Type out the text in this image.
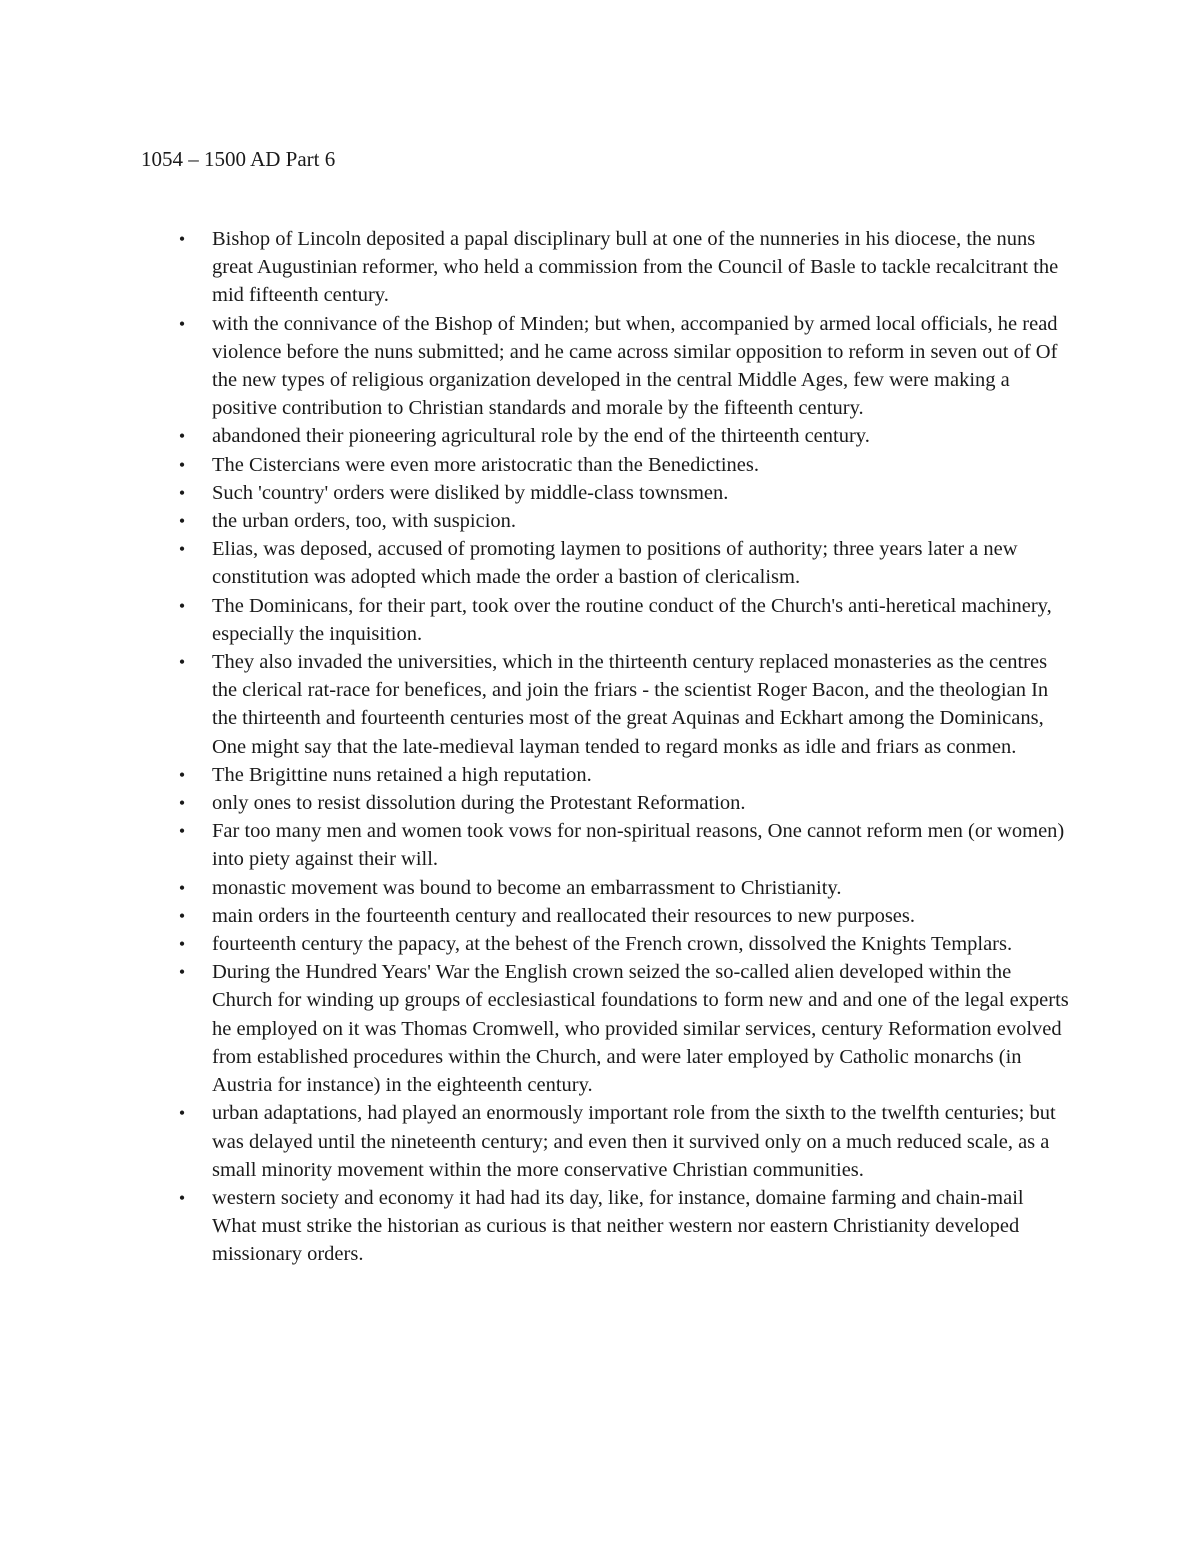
1054 – 1500 AD Part 6
•	Bishop of Lincoln deposited a papal disciplinary bull at one of the nunneries in his diocese, the nuns great Augustinian reformer, who held a commission from the Council of Basle to tackle recalcitrant the mid fifteenth century.
•	with the connivance of the Bishop of Minden; but when, accompanied by armed local officials, he read violence before the nuns submitted; and he came across similar opposition to reform in seven out of Of the new types of religious organization developed in the central Middle Ages, few were making a positive contribution to Christian standards and morale by the fifteenth century.
•	abandoned their pioneering agricultural role by the end of the thirteenth century.
•	The Cistercians were even more aristocratic than the Benedictines.
•	Such 'country' orders were disliked by middle-class townsmen.
•	the urban orders, too, with suspicion.
•	Elias, was deposed, accused of promoting laymen to positions of authority; three years later a new constitution was adopted which made the order a bastion of clericalism.
•	The Dominicans, for their part, took over the routine conduct of the Church's anti-heretical machinery, especially the inquisition.
•	They also invaded the universities, which in the thirteenth century replaced monasteries as the centres the clerical rat-race for benefices, and join the friars - the scientist Roger Bacon, and the theologian In the thirteenth and fourteenth centuries most of the great Aquinas and Eckhart among the Dominicans, One might say that the late-medieval layman tended to regard monks as idle and friars as conmen.
•	The Brigittine nuns retained a high reputation.
•	only ones to resist dissolution during the Protestant Reformation.
•	Far too many men and women took vows for non-spiritual reasons, One cannot reform men (or women) into piety against their will.
•	monastic movement was bound to become an embarrassment to Christianity.
•	main orders in the fourteenth century and reallocated their resources to new purposes.
•	fourteenth century the papacy, at the behest of the French crown, dissolved the Knights Templars.
•	During the Hundred Years' War the English crown seized the so-called alien developed within the Church for winding up groups of ecclesiastical foundations to form new and and one of the legal experts he employed on it was Thomas Cromwell, who provided similar services, century Reformation evolved from established procedures within the Church, and were later employed by Catholic monarchs (in Austria for instance) in the eighteenth century.
•	urban adaptations, had played an enormously important role from the sixth to the twelfth centuries; but was delayed until the nineteenth century; and even then it survived only on a much reduced scale, as a small minority movement within the more conservative Christian communities.
•	western society and economy it had had its day, like, for instance, domaine farming and chain-mail What must strike the historian as curious is that neither western nor eastern Christianity developed missionary orders.
